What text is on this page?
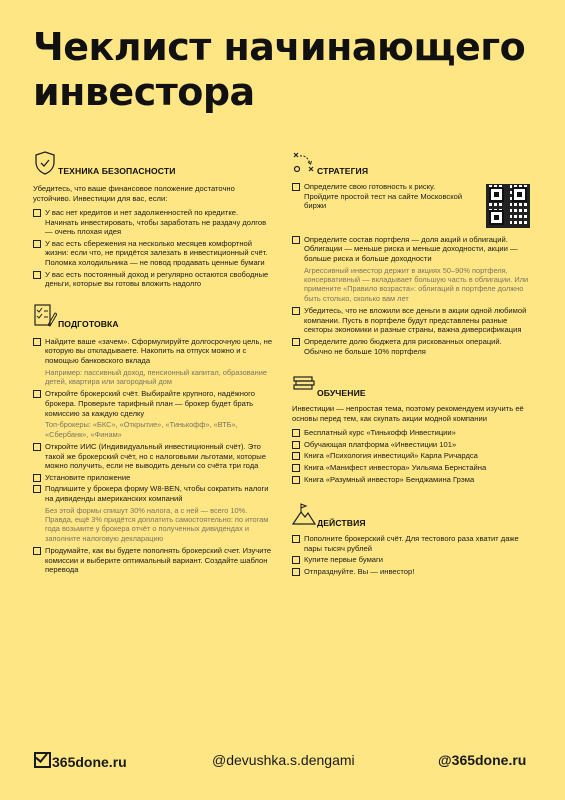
Чеклист начинающего инвестора
ТЕХНИКА БЕЗОПАСНОСТИ
Убедитесь, что ваше финансовое положение достаточно устойчиво. Инвестиции для вас, если:
У вас нет кредитов и нет задолженностей по кредитке. Начинать инвестировать, чтобы заработать не раздачу долгов — очень плохая идея
У вас есть сбережения на несколько месяцев комфортной жизни: если что, не придётся залезать в инвестиционный счёт. Поломка холодильника — не повод продавать ценные бумаги
У вас есть постоянный доход и регулярно остаются свободные деньги, которые вы готовы вложить надолго
ПОДГОТОВКА
Найдите ваше «зачем». Сформулируйте долгосрочную цель, не которую вы откладываете. Накопить на отпуск можно и с помощью банковского вклада
Например: пассивный доход, пенсионный капитал, образование детей, квартира или загородный дом
Откройте брокерский счёт. Выбирайте крупного, надёжного брокера. Проверьте тарифный план — брокер будет брать комиссию за каждую сделку
Топ-брокеры: «БКС», «Открытие», «Тинькофф», «ВТБ», «Сбербанк», «Финам»
Откройте ИИС (Индивидуальный инвестиционный счёт). Это такой же брокерский счёт, но с налоговыми льготами, которые можно получить, если не выводить деньги со счёта три года
Установите приложение
Подпишите у брокера форму W8-BEN, чтобы сократить налоги на дивиденды американских компаний
Без этой формы спишут 30% налога, а с ней — всего 10%. Правда, ещё 3% придётся доплатить самостоятельно: по итогам года возьмите у брокера отчёт о полученных дивидендах и заполните налоговую декларацию
Продумайте, как вы будете пополнять брокерский счет. Изучите комиссии и выберите оптимальный вариант. Создайте шаблон перевода
СТРАТЕГИЯ
Определите свою готовность к риску. Пройдите простой тест на сайте Московской биржи
Определите состав портфеля — доля акций и облигаций. Облигации — меньше риска и меньше доходности, акции — больше риска и больше доходности
Агрессивный инвестор держит в акциях 50–90% портфеля, консервативный — вкладывает большую часть в облигации. Или примените «Правило возраста»: облигаций в портфеле должно быть столько, сколько вам лет
Убедитесь, что не вложили все деньги в акции одной любимой компании. Пусть в портфеле будут представлены разные секторы экономики и разные страны, важна диверсификация
Определите долю бюджета для рискованных операций. Обычно не больше 10% портфеля
ОБУЧЕНИЕ
Инвестиции — непростая тема, поэтому рекомендуем изучить её основы перед тем, как скупать акции модной компании
Бесплатный курс «Тинькофф Инвестиции»
Обучающая платформа «Инвестиции 101»
Книга «Психология инвестиций» Карла Ричардса
Книга «Манифест инвестора» Уильяма Бернстайна
Книга «Разумный инвестор» Бенджамина Грэма
ДЕЙСТВИЯ
Пополните брокерский счёт. Для тестового раза хватит даже пары тысяч рублей
Купите первые бумаги
Отпразднуйте. Вы — инвестор!
365done.ru	@devushka.s.dengami	@365done.ru
